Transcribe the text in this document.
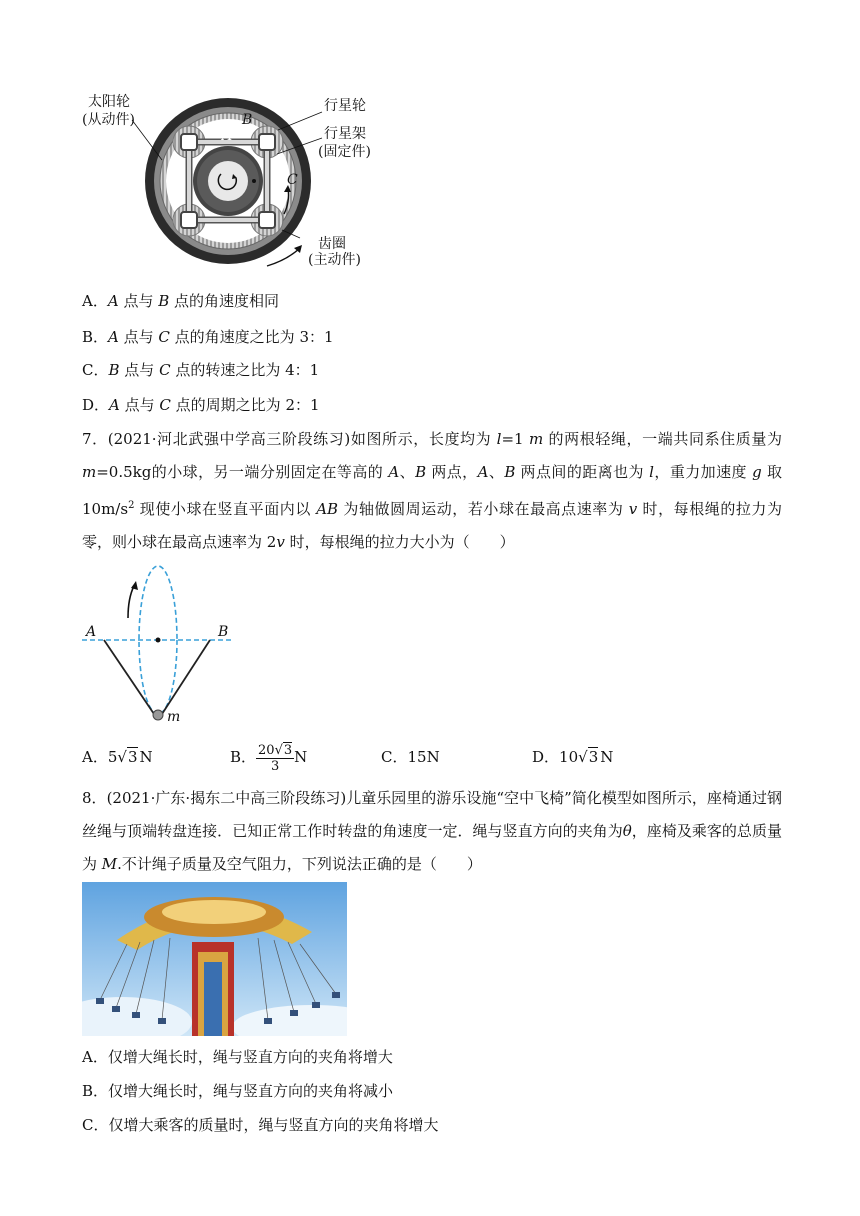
太阳轮
(从动件)
行星轮
行星架
(固定件)
齿圈
A
B
C
(主动件)
A．A 点与 B 点的角速度相同
B．A 点与 C 点的角速度之比为 3：1
C．B 点与 C 点的转速之比为 4：1
D．A 点与 C 点的周期之比为 2：1
7．(2021·河北武强中学高三阶段练习)如图所示，长度均为 l=1 m 的两根轻绳，一端共同系住质量为 m=0.5kg的小球，另一端分别固定在等高的 A、B 两点，A、B 两点间的距离也为 l，重力加速度 g 取 $10m/s^2$ 现使小球在竖直平面内以 AB 为轴做圆周运动，若小球在最高点速率为 v 时，每根绳的拉力为零，则小球在最高点速率为 2v 时，每根绳的拉力大小为（　　）
A	B
m
A．5√3 N	B． $\frac{20√3}{3}$ N	C．15N	D．10√3 N
8．(2021·广东·揭东二中高三阶段练习)儿童乐园里的游乐设施“空中飞椅”简化模型如图所示，座椅通过钢丝绳与顶端转盘连接．已知正常工作时转盘的角速度一定．绳与竖直方向的夹角为θ，座椅及乘客的总质量为 M.不计绳子质量及空气阻力，下列说法正确的是（　　）
A．仅增大绳长时，绳与竖直方向的夹角将增大
B．仅增大绳长时，绳与竖直方向的夹角将减小
C．仅增大乘客的质量时，绳与竖直方向的夹角将增大
